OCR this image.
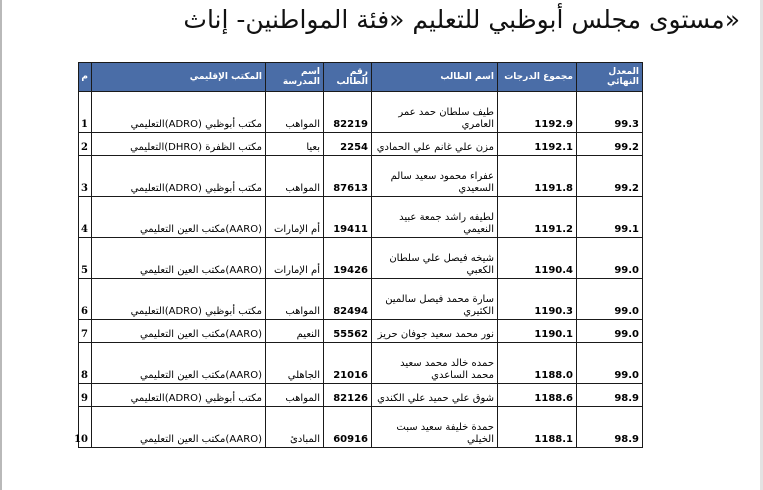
«مستوى مجلس أبوظبي للتعليم «فئة المواطنين- إناث
المعدل النهائي	مجموع الدرجات	اسم الطالب	رقم الطالب	اسم المدرسة	المكتب الإقليمي	م
99.3	1192.9	طيف سلطان حمد عمر العامري	82219	المواهب	مكتب أبوظبي (ADRO)التعليمي	1
99.2	1192.1	مزن علي غانم علي الحمادي	2254	بعيا	مكتب الظفرة (DHRO)التعليمي	2
99.2	1191.8	عفراء محمود سعيد سالم السعيدي	87613	المواهب	مكتب أبوظبي (ADRO)التعليمي	3
99.1	1191.2	لطيفه راشد جمعة عبيد النعيمي	19411	أم الإمارات	(AARO)مكتب العين التعليمي	4
99.0	1190.4	شيخه فيصل علي سلطان الكعبي	19426	أم الإمارات	(AARO)مكتب العين التعليمي	5
99.0	1190.3	سارة محمد فيصل سالمين الكثيري	82494	المواهب	مكتب أبوظبي (ADRO)التعليمي	6
99.0	1190.1	نور محمد سعيد جوفان حريز	55562	النعيم	(AARO)مكتب العين التعليمي	7
99.0	1188.0	حمده خالد محمد سعيد محمد الساعدي	21016	الجاهلي	(AARO)مكتب العين التعليمي	8
98.9	1188.6	شوق علي حميد علي الكندي	82126	المواهب	مكتب أبوظبي (ADRO)التعليمي	9
98.9	1188.1	حمدة خليفة سعيد سبت الخيلي	60916	المبادئ	(AARO)مكتب العين التعليمي	10
